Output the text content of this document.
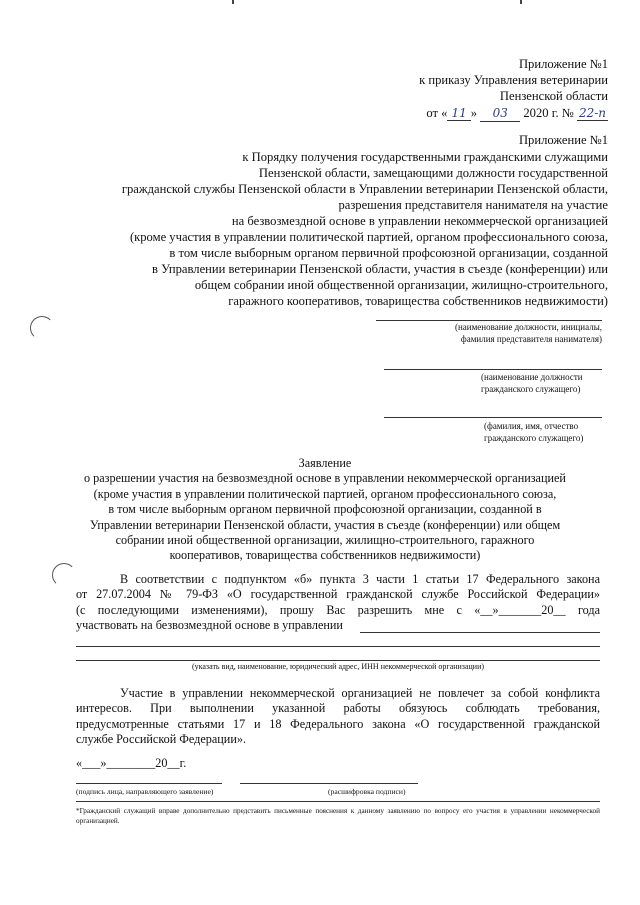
Приложение №1
к приказу Управления ветеринарии
Пензенской области
от « 11 » 03 2020 г. № 22-п
Приложение №1
к Порядку получения государственными гражданскими служащими
Пензенской области, замещающими должности государственной
гражданской службы Пензенской области в Управлении ветеринарии Пензенской области,
разрешения представителя нанимателя на участие
на безвозмездной основе в управлении некоммерческой организацией
(кроме участия в управлении политической партией, органом профессионального союза,
в том числе выборным органом первичной профсоюзной организации, созданной
в Управлении ветеринарии Пензенской области, участия в съезде (конференции) или
общем собрании иной общественной организации, жилищно-строительного,
гаражного кооперативов, товарищества собственников недвижимости)
(наименование должности, инициалы,
фамилия представителя нанимателя)
(наименование должности
гражданского служащего)
(фамилия, имя, отчество
гражданского служащего)
Заявление
о разрешении участия на безвозмездной основе в управлении некоммерческой организацией
(кроме участия в управлении политической партией, органом профессионального союза,
в том числе выборным органом первичной профсоюзной организации, созданной в
Управлении ветеринарии Пензенской области, участия в съезде (конференции) или общем
собрании иной общественной организации, жилищно-строительного, гаражного
кооперативов, товарищества собственников недвижимости)
В соответствии с подпунктом «б» пункта 3 части 1 статьи 17 Федерального закона
от 27.07.2004 № 79-ФЗ «О государственной гражданской службе Российской Федерации»
(с последующими изменениями), прошу Вас разрешить мне с «__»_______20__ года
участвовать на безвозмездной основе в управлении
(указать вид, наименование, юридический адрес, ИНН некоммерческой организации)
Участие в управлении некоммерческой организацией не повлечет за собой конфликта
интересов. При выполнении указанной работы обязуюсь соблюдать требования,
предусмотренные статьями 17 и 18 Федерального закона «О государственной гражданской
службе Российской Федерации».
«___»________20__г.
(подпись лица, направляющего заявление)	(расшифровка подписи)
*Гражданский служащий вправе дополнительно представить письменные пояснения к данному заявлению по вопросу его участия в управлении некоммерческой организацией.
